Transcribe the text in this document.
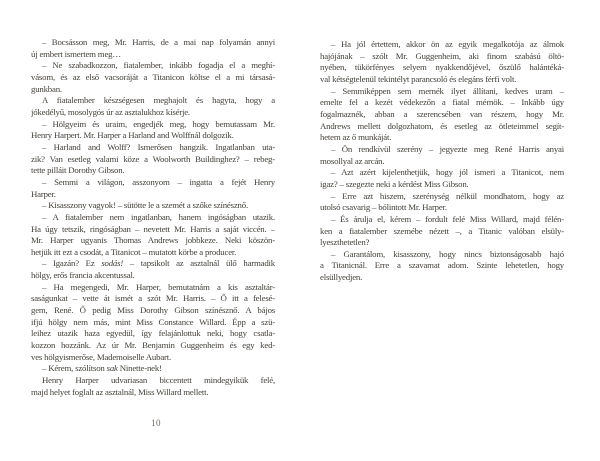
– Bocsásson meg, Mr. Harris, de a mai nap folyamán annyi
új embert ismertem meg…
– Ne szabadkozzon, fiatalember, inkább fogadja el a meghí-
vásom, és az első vacsoráját a Titanicon költse el a mi társasá-
gunkban.
A fiatalember készségesen meghajolt és hagyta, hogy a
jókedélyű, mosolygós úr az asztalukhoz kísérje.
– Hölgyeim és uraim, engedjék meg, hogy bemutassam Mr.
Henry Harpert. Mr. Harper a Harland and Wolffnál dolgozik.
– Harland and Wolff? Ismerősen hangzik. Ingatlanban uta-
zik? Van esetleg valami köze a Woolworth Buildinghez? – rebeg-
tette pilláit Dorothy Gibson.
– Semmi a világon, asszonyom – ingatta a fejét Henry
Harper.
– Kisasszony vagyok! – sütötte le a szemét a szőke színésznő.
– A fiatalember nem ingatlanban, hanem ingóságban utazik.
Ha úgy tetszik, ringóságban – nevetett Mr. Harris a saját viccén. –
Mr. Harper ugyanis Thomas Andrews jobbkeze. Neki köszön-
hetjük itt ezt a csodát, a Titanicot – mutatott körbe a producer.
– Igazán? Ez sodás! – tapsikolt az asztalnál ülő harmadik
hölgy, erős francia akcentussal.
– Ha megengedi, Mr. Harper, bemutatnám a kis asztaltár-
saságunkat – vette át ismét a szót Mr. Harris. – Ő itt a felesé-
gem, René. Ő pedig Miss Dorothy Gibson színésznő. A bájos
ifjú hölgy nem más, mint Miss Constance Willard. Épp a szü-
leihez utazik haza egyedül, így felajánlottuk neki, hogy csatla-
kozzon hozzánk. Az úr Mr. Benjamin Guggenheim és egy ked-
ves hölgyismerőse, Mademoiselle Aubart.
– Kérem, szólítson sak Ninette-nek!
Henry Harper udvariasan biccentett mindegyikük felé,
majd helyet foglalt az asztalnál, Miss Willard mellett.
– Ha jól értettem, akkor ön az egyik megalkotója az álmok
hajójának – szólt Mr. Guggenheim, aki finom szabású öltö-
nyében, tükörfényes selyem nyakkendőjével, őszülő halántéká-
val kétségtelenül tekintélyt parancsoló és elegáns férfi volt.
– Semmiképpen sem mernék ilyet állítani, kedves uram –
emelte fel a kezét védekezőn a fiatal mérnök. – Inkább úgy
fogalmaznék, abban a szerencsében van részem, hogy Mr.
Andrews mellett dolgozhatom, és esetleg az ötleteimmel segít-
hetem az ő munkáját.
– Ön rendkívül szerény – jegyezte meg René Harris anyai
mosollyal az arcán.
– Azt azért kijelenthetjük, hogy jól ismeri a Titanicot, nem
igaz? – szegezte neki a kérdést Miss Gibson.
– Erre azt hiszem, szerénység nélkül mondhatom, hogy az
utolsó csavarig – bólintott Mr. Harper.
– És árulja el, kérem – fordult felé Miss Willard, majd félén-
ken a fiatalember szemébe nézett –, a Titanic valóban elsüly-
lyeszthetetlen?
– Garantálom, kisasszony, hogy nincs biztonságosabb hajó
a Titanicnál. Erre a szavamat adom. Szinte lehetetlen, hogy
elsüllyedjen.
10
